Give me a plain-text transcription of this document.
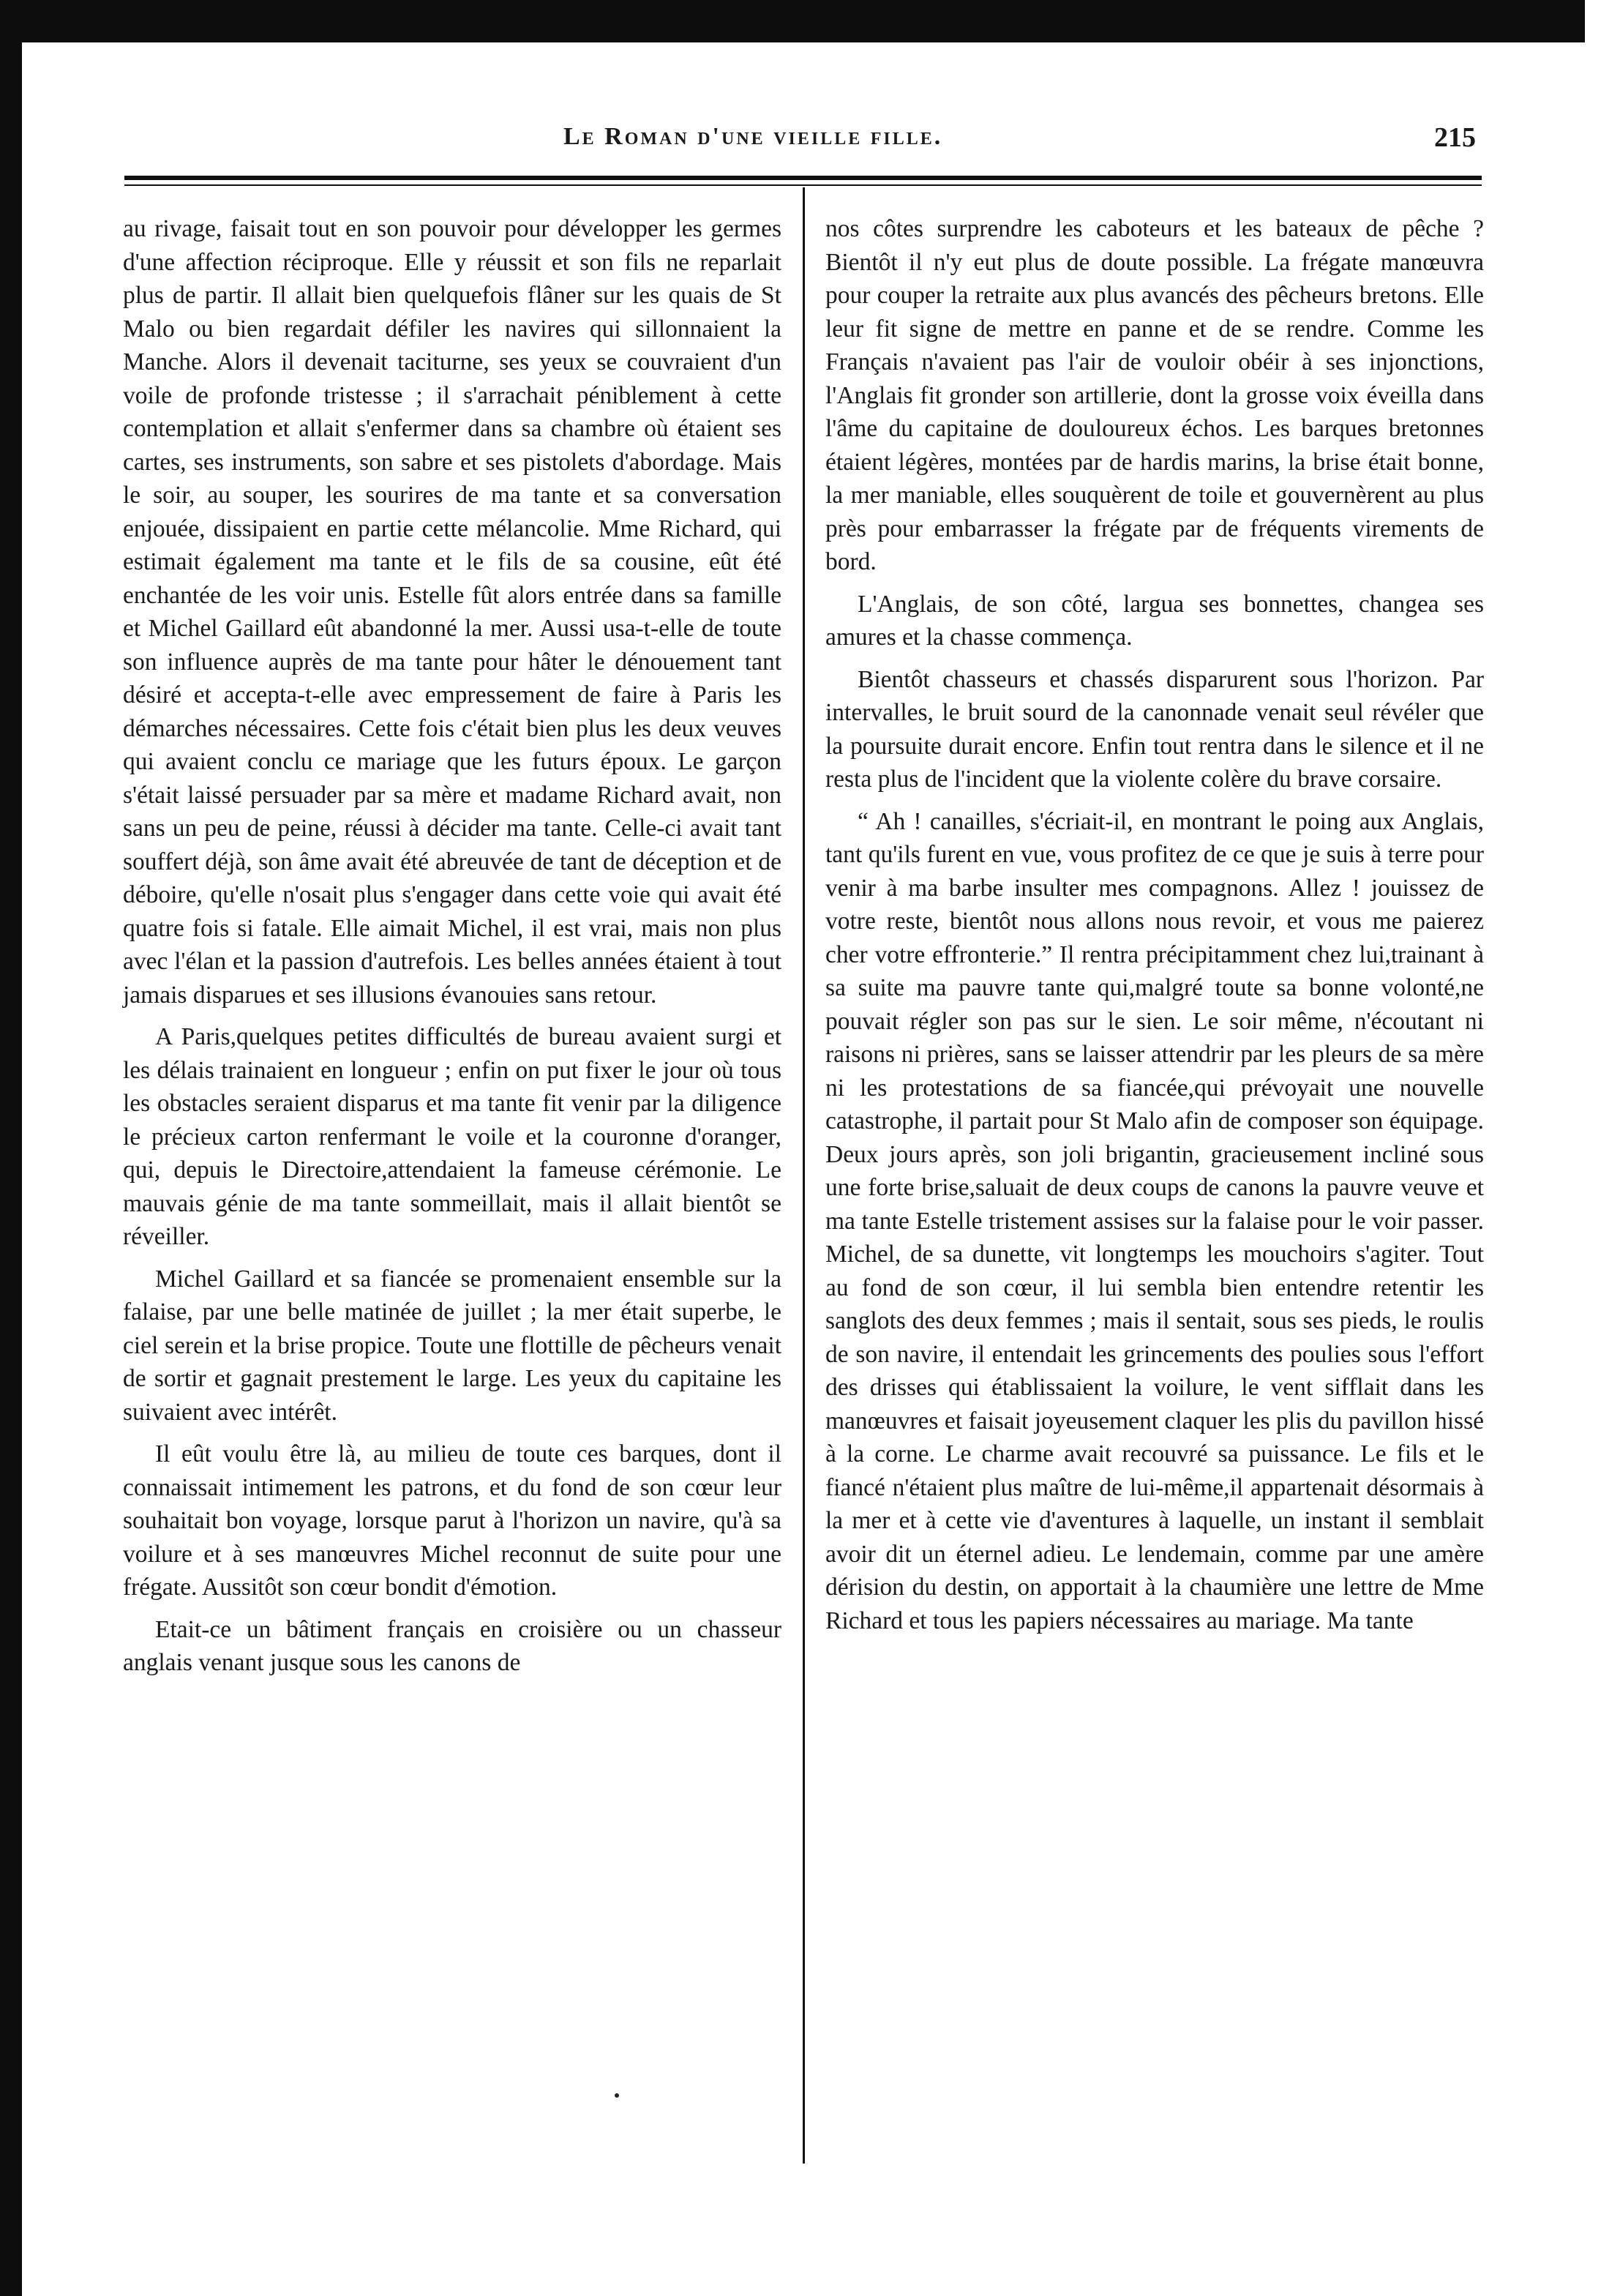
Le Roman d'une vieille fille.	215

au rivage, faisait tout en son pouvoir pour développer les germes d'une affection réciproque. Elle y réussit et son fils ne reparlait plus de partir. Il allait bien quelquefois flâner sur les quais de St Malo ou bien regardait défiler les navires qui sillonnaient la Manche. Alors il devenait taciturne, ses yeux se couvraient d'un voile de profonde tristesse ; il s'arrachait péniblement à cette contemplation et allait s'enfermer dans sa chambre où étaient ses cartes, ses instruments, son sabre et ses pistolets d'abordage. Mais le soir, au souper, les sourires de ma tante et sa conversation enjouée, dissipaient en partie cette mélancolie. Mme Richard, qui estimait également ma tante et le fils de sa cousine, eût été enchantée de les voir unis. Estelle fût alors entrée dans sa famille et Michel Gaillard eût abandonné la mer. Aussi usa-t-elle de toute son influence auprès de ma tante pour hâter le dénouement tant désiré et accepta-t-elle avec empressement de faire à Paris les démarches nécessaires. Cette fois c'était bien plus les deux veuves qui avaient conclu ce mariage que les futurs époux. Le garçon s'était laissé persuader par sa mère et madame Richard avait, non sans un peu de peine, réussi à décider ma tante. Celle-ci avait tant souffert déjà, son âme avait été abreuvée de tant de déception et de déboire, qu'elle n'osait plus s'engager dans cette voie qui avait été quatre fois si fatale. Elle aimait Michel, il est vrai, mais non plus avec l'élan et la passion d'autrefois. Les belles années étaient à tout jamais disparues et ses illusions évanouies sans retour.

A Paris,quelques petites difficultés de bureau avaient surgi et les délais trainaient en longueur ; enfin on put fixer le jour où tous les obstacles seraient disparus et ma tante fit venir par la diligence le précieux carton renfermant le voile et la couronne d'oranger, qui, depuis le Directoire,attendaient la fameuse cérémonie. Le mauvais génie de ma tante sommeillait, mais il allait bientôt se réveiller.

Michel Gaillard et sa fiancée se promenaient ensemble sur la falaise, par une belle matinée de juillet ; la mer était superbe, le ciel serein et la brise propice. Toute une flottille de pêcheurs venait de sortir et gagnait prestement le large. Les yeux du capitaine les suivaient avec intérêt.

Il eût voulu être là, au milieu de toute ces barques, dont il connaissait intimement les patrons, et du fond de son cœur leur souhaitait bon voyage, lorsque parut à l'horizon un navire, qu'à sa voilure et à ses manœuvres Michel reconnut de suite pour une frégate. Aussitôt son cœur bondit d'émotion.

Etait-ce un bâtiment français en croisière ou un chasseur anglais venant jusque sous les canons de

nos côtes surprendre les caboteurs et les bateaux de pêche ? Bientôt il n'y eut plus de doute possible. La frégate manœuvra pour couper la retraite aux plus avancés des pêcheurs bretons. Elle leur fit signe de mettre en panne et de se rendre. Comme les Français n'avaient pas l'air de vouloir obéir à ses injonctions, l'Anglais fit gronder son artillerie, dont la grosse voix éveilla dans l'âme du capitaine de douloureux échos. Les barques bretonnes étaient légères, montées par de hardis marins, la brise était bonne, la mer maniable, elles souquèrent de toile et gouvernèrent au plus près pour embarrasser la frégate par de fréquents virements de bord.

L'Anglais, de son côté, largua ses bonnettes, changea ses amures et la chasse commença.

Bientôt chasseurs et chassés disparurent sous l'horizon. Par intervalles, le bruit sourd de la canonnade venait seul révéler que la poursuite durait encore. Enfin tout rentra dans le silence et il ne resta plus de l'incident que la violente colère du brave corsaire.

“ Ah ! canailles, s'écriait-il, en montrant le poing aux Anglais, tant qu'ils furent en vue, vous profitez de ce que je suis à terre pour venir à ma barbe insulter mes compagnons. Allez ! jouissez de votre reste, bientôt nous allons nous revoir, et vous me paierez cher votre effronterie.” Il rentra précipitamment chez lui,trainant à sa suite ma pauvre tante qui,malgré toute sa bonne volonté,ne pouvait régler son pas sur le sien. Le soir même, n'écoutant ni raisons ni prières, sans se laisser attendrir par les pleurs de sa mère ni les protestations de sa fiancée,qui prévoyait une nouvelle catastrophe, il partait pour St Malo afin de composer son équipage. Deux jours après, son joli brigantin, gracieusement incliné sous une forte brise,saluait de deux coups de canons la pauvre veuve et ma tante Estelle tristement assises sur la falaise pour le voir passer. Michel, de sa dunette, vit longtemps les mouchoirs s'agiter. Tout au fond de son cœur, il lui sembla bien entendre retentir les sanglots des deux femmes ; mais il sentait, sous ses pieds, le roulis de son navire, il entendait les grincements des poulies sous l'effort des drisses qui établissaient la voilure, le vent sifflait dans les manœuvres et faisait joyeusement claquer les plis du pavillon hissé à la corne. Le charme avait recouvré sa puissance. Le fils et le fiancé n'étaient plus maître de lui-même,il appartenait désormais à la mer et à cette vie d'aventures à laquelle, un instant il semblait avoir dit un éternel adieu. Le lendemain, comme par une amère dérision du destin, on apportait à la chaumière une lettre de Mme Richard et tous les papiers nécessaires au mariage. Ma tante
